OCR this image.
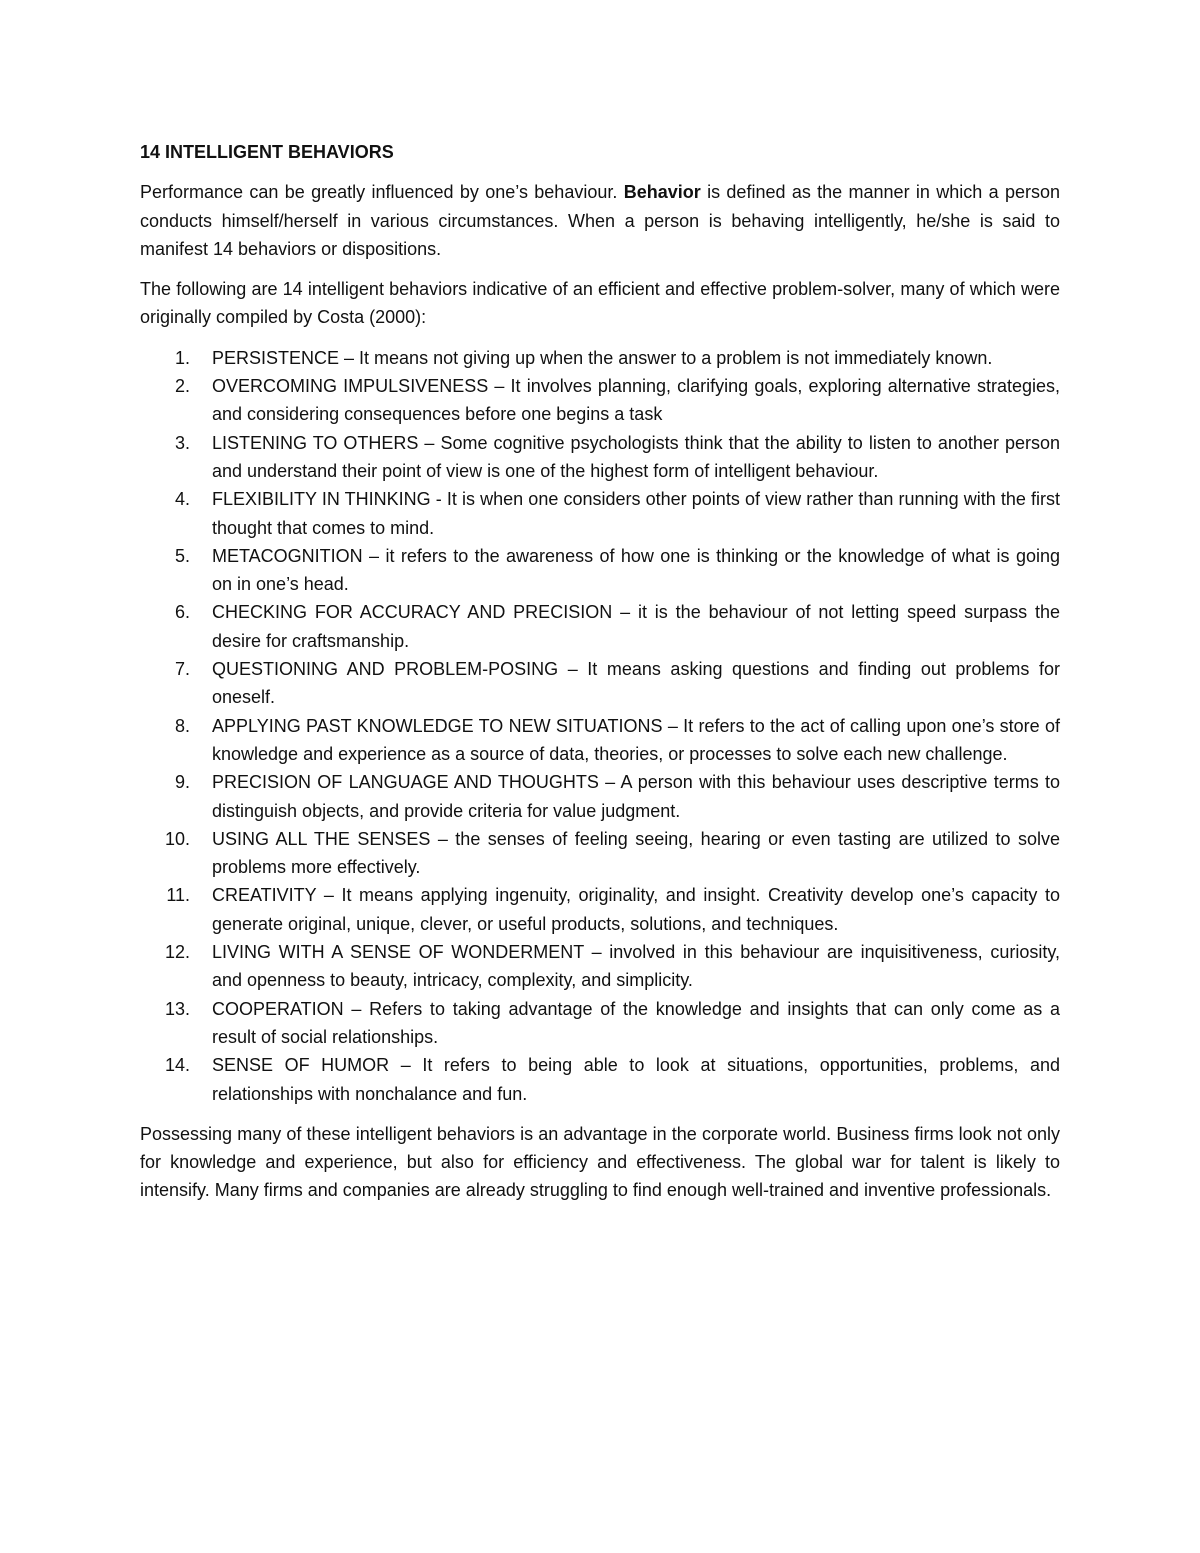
14 INTELLIGENT BEHAVIORS

Performance can be greatly influenced by one’s behaviour. Behavior is defined as the manner in which a person conducts himself/herself in various circumstances. When a person is behaving intelligently, he/she is said to manifest 14 behaviors or dispositions.

The following are 14 intelligent behaviors indicative of an efficient and effective problem-solver, many of which were originally compiled by Costa (2000):

1.	PERSISTENCE – It means not giving up when the answer to a problem is not immediately known.
2.	OVERCOMING IMPULSIVENESS – It involves planning, clarifying goals, exploring alternative strategies, and considering consequences before one begins a task
3.	LISTENING TO OTHERS – Some cognitive psychologists think that the ability to listen to another person and understand their point of view is one of the highest form of intelligent behaviour.
4.	FLEXIBILITY IN THINKING - It is when one considers other points of view rather than running with the first thought that comes to mind.
5.	METACOGNITION – it refers to the awareness of how one is thinking or the knowledge of what is going on in one’s head.
6.	CHECKING FOR ACCURACY AND PRECISION – it is the behaviour of not letting speed surpass the desire for craftsmanship.
7.	QUESTIONING AND PROBLEM-POSING – It means asking questions and finding out problems for oneself.
8.	APPLYING PAST KNOWLEDGE TO NEW SITUATIONS – It refers to the act of calling upon one’s store of knowledge and experience as a source of data, theories, or processes to solve each new challenge.
9.	PRECISION OF LANGUAGE AND THOUGHTS – A person with this behaviour uses descriptive terms to distinguish objects, and provide criteria for value judgment.
10.	USING ALL THE SENSES – the senses of feeling seeing, hearing or even tasting are utilized to solve problems more effectively.
11.	CREATIVITY – It means applying ingenuity, originality, and insight. Creativity develop one’s capacity to generate original, unique, clever, or useful products, solutions, and techniques.
12.	LIVING WITH A SENSE OF WONDERMENT – involved in this behaviour are inquisitiveness, curiosity, and openness to beauty, intricacy, complexity, and simplicity.
13.	COOPERATION – Refers to taking advantage of the knowledge and insights that can only come as a result of social relationships.
14.	SENSE OF HUMOR – It refers to being able to look at situations, opportunities, problems, and relationships with nonchalance and fun.

Possessing many of these intelligent behaviors is an advantage in the corporate world. Business firms look not only for knowledge and experience, but also for efficiency and effectiveness. The global war for talent is likely to intensify. Many firms and companies are already struggling to find enough well-trained and inventive professionals.
